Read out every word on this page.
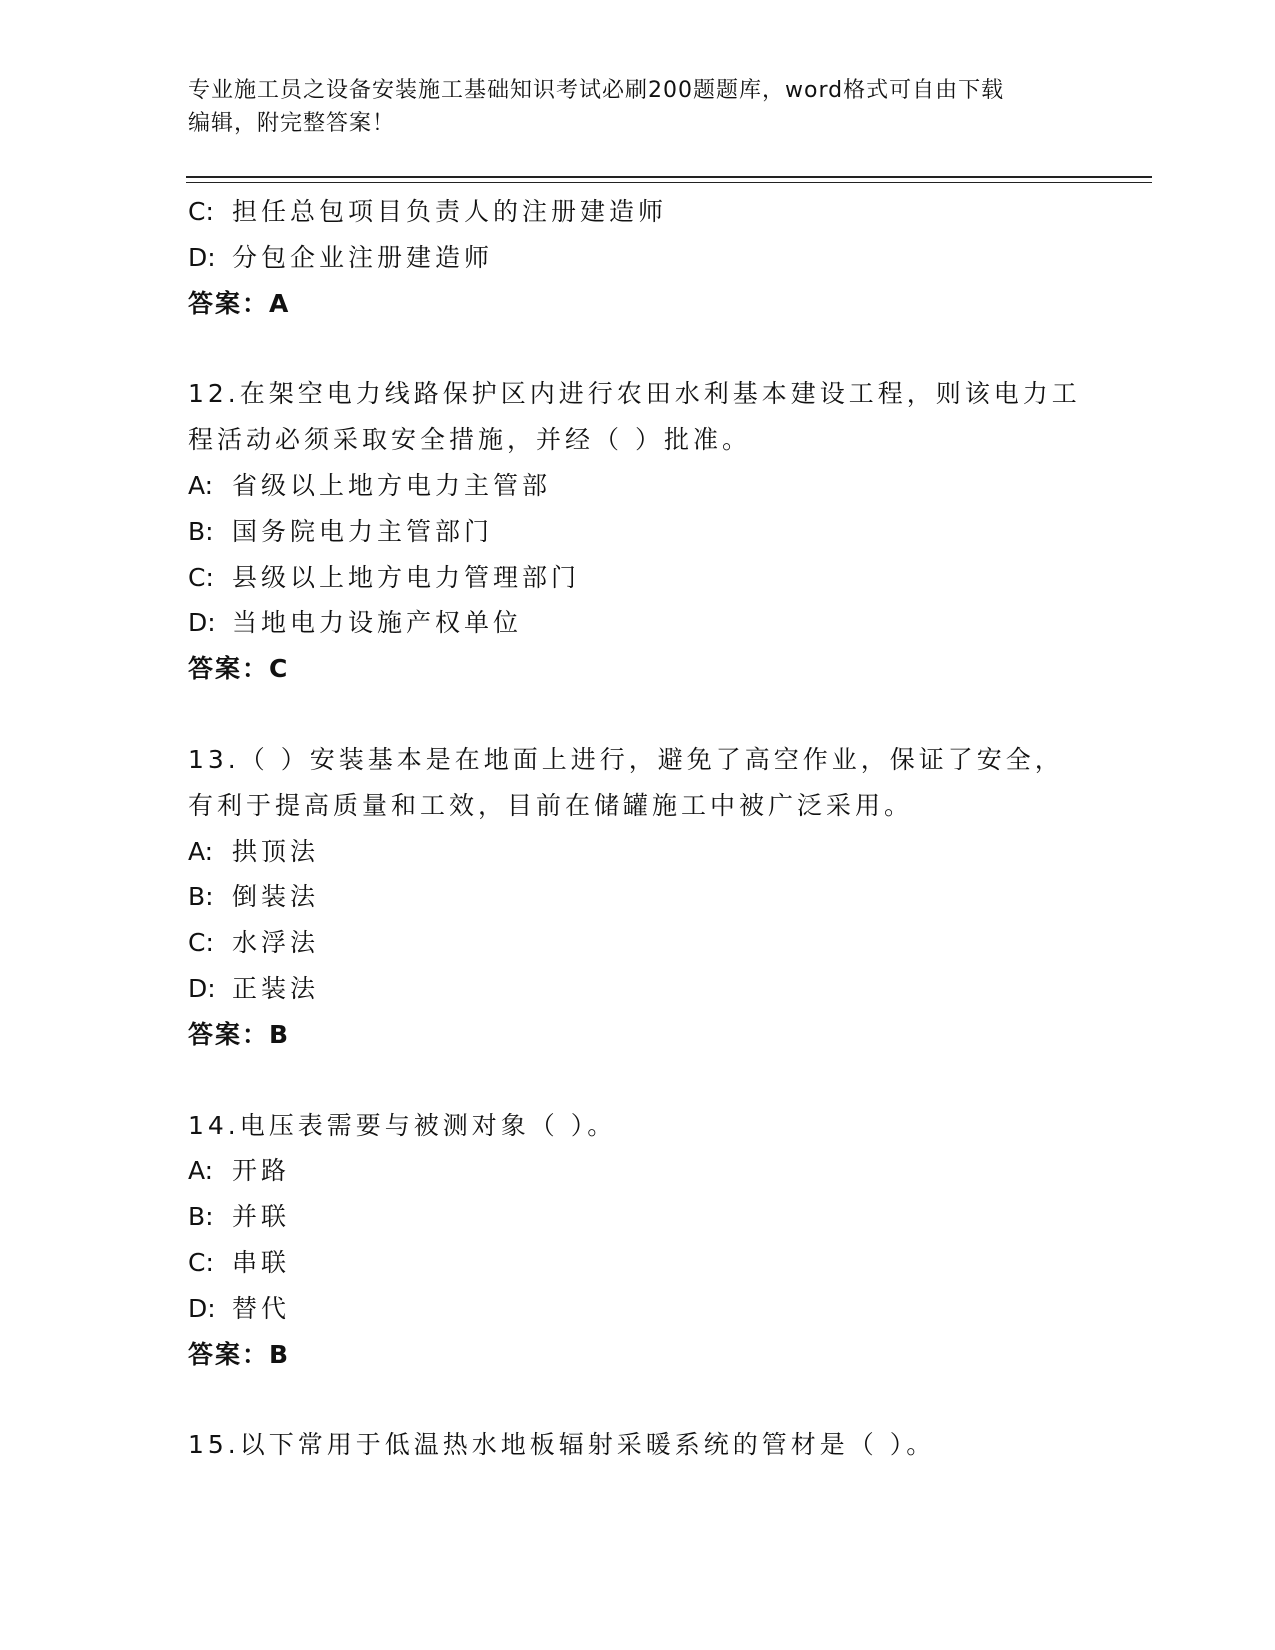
专业施工员之设备安装施工基础知识考试必刷200题题库，word格式可自由下载
编辑，附完整答案！
C: 担任总包项目负责人的注册建造师
D: 分包企业注册建造师
答案：A
12.在架空电力线路保护区内进行农田水利基本建设工程，则该电力工
程活动必须采取安全措施，并经（ ）批准。
A: 省级以上地方电力主管部
B: 国务院电力主管部门
C: 县级以上地方电力管理部门
D: 当地电力设施产权单位
答案：C
13.（ ）安装基本是在地面上进行，避免了高空作业，保证了安全，
有利于提高质量和工效，目前在储罐施工中被广泛采用。
A: 拱顶法
B: 倒装法
C: 水浮法
D: 正装法
答案：B
14.电压表需要与被测对象（ ）。
A: 开路
B: 并联
C: 串联
D: 替代
答案：B
15.以下常用于低温热水地板辐射采暖系统的管材是（ ）。
